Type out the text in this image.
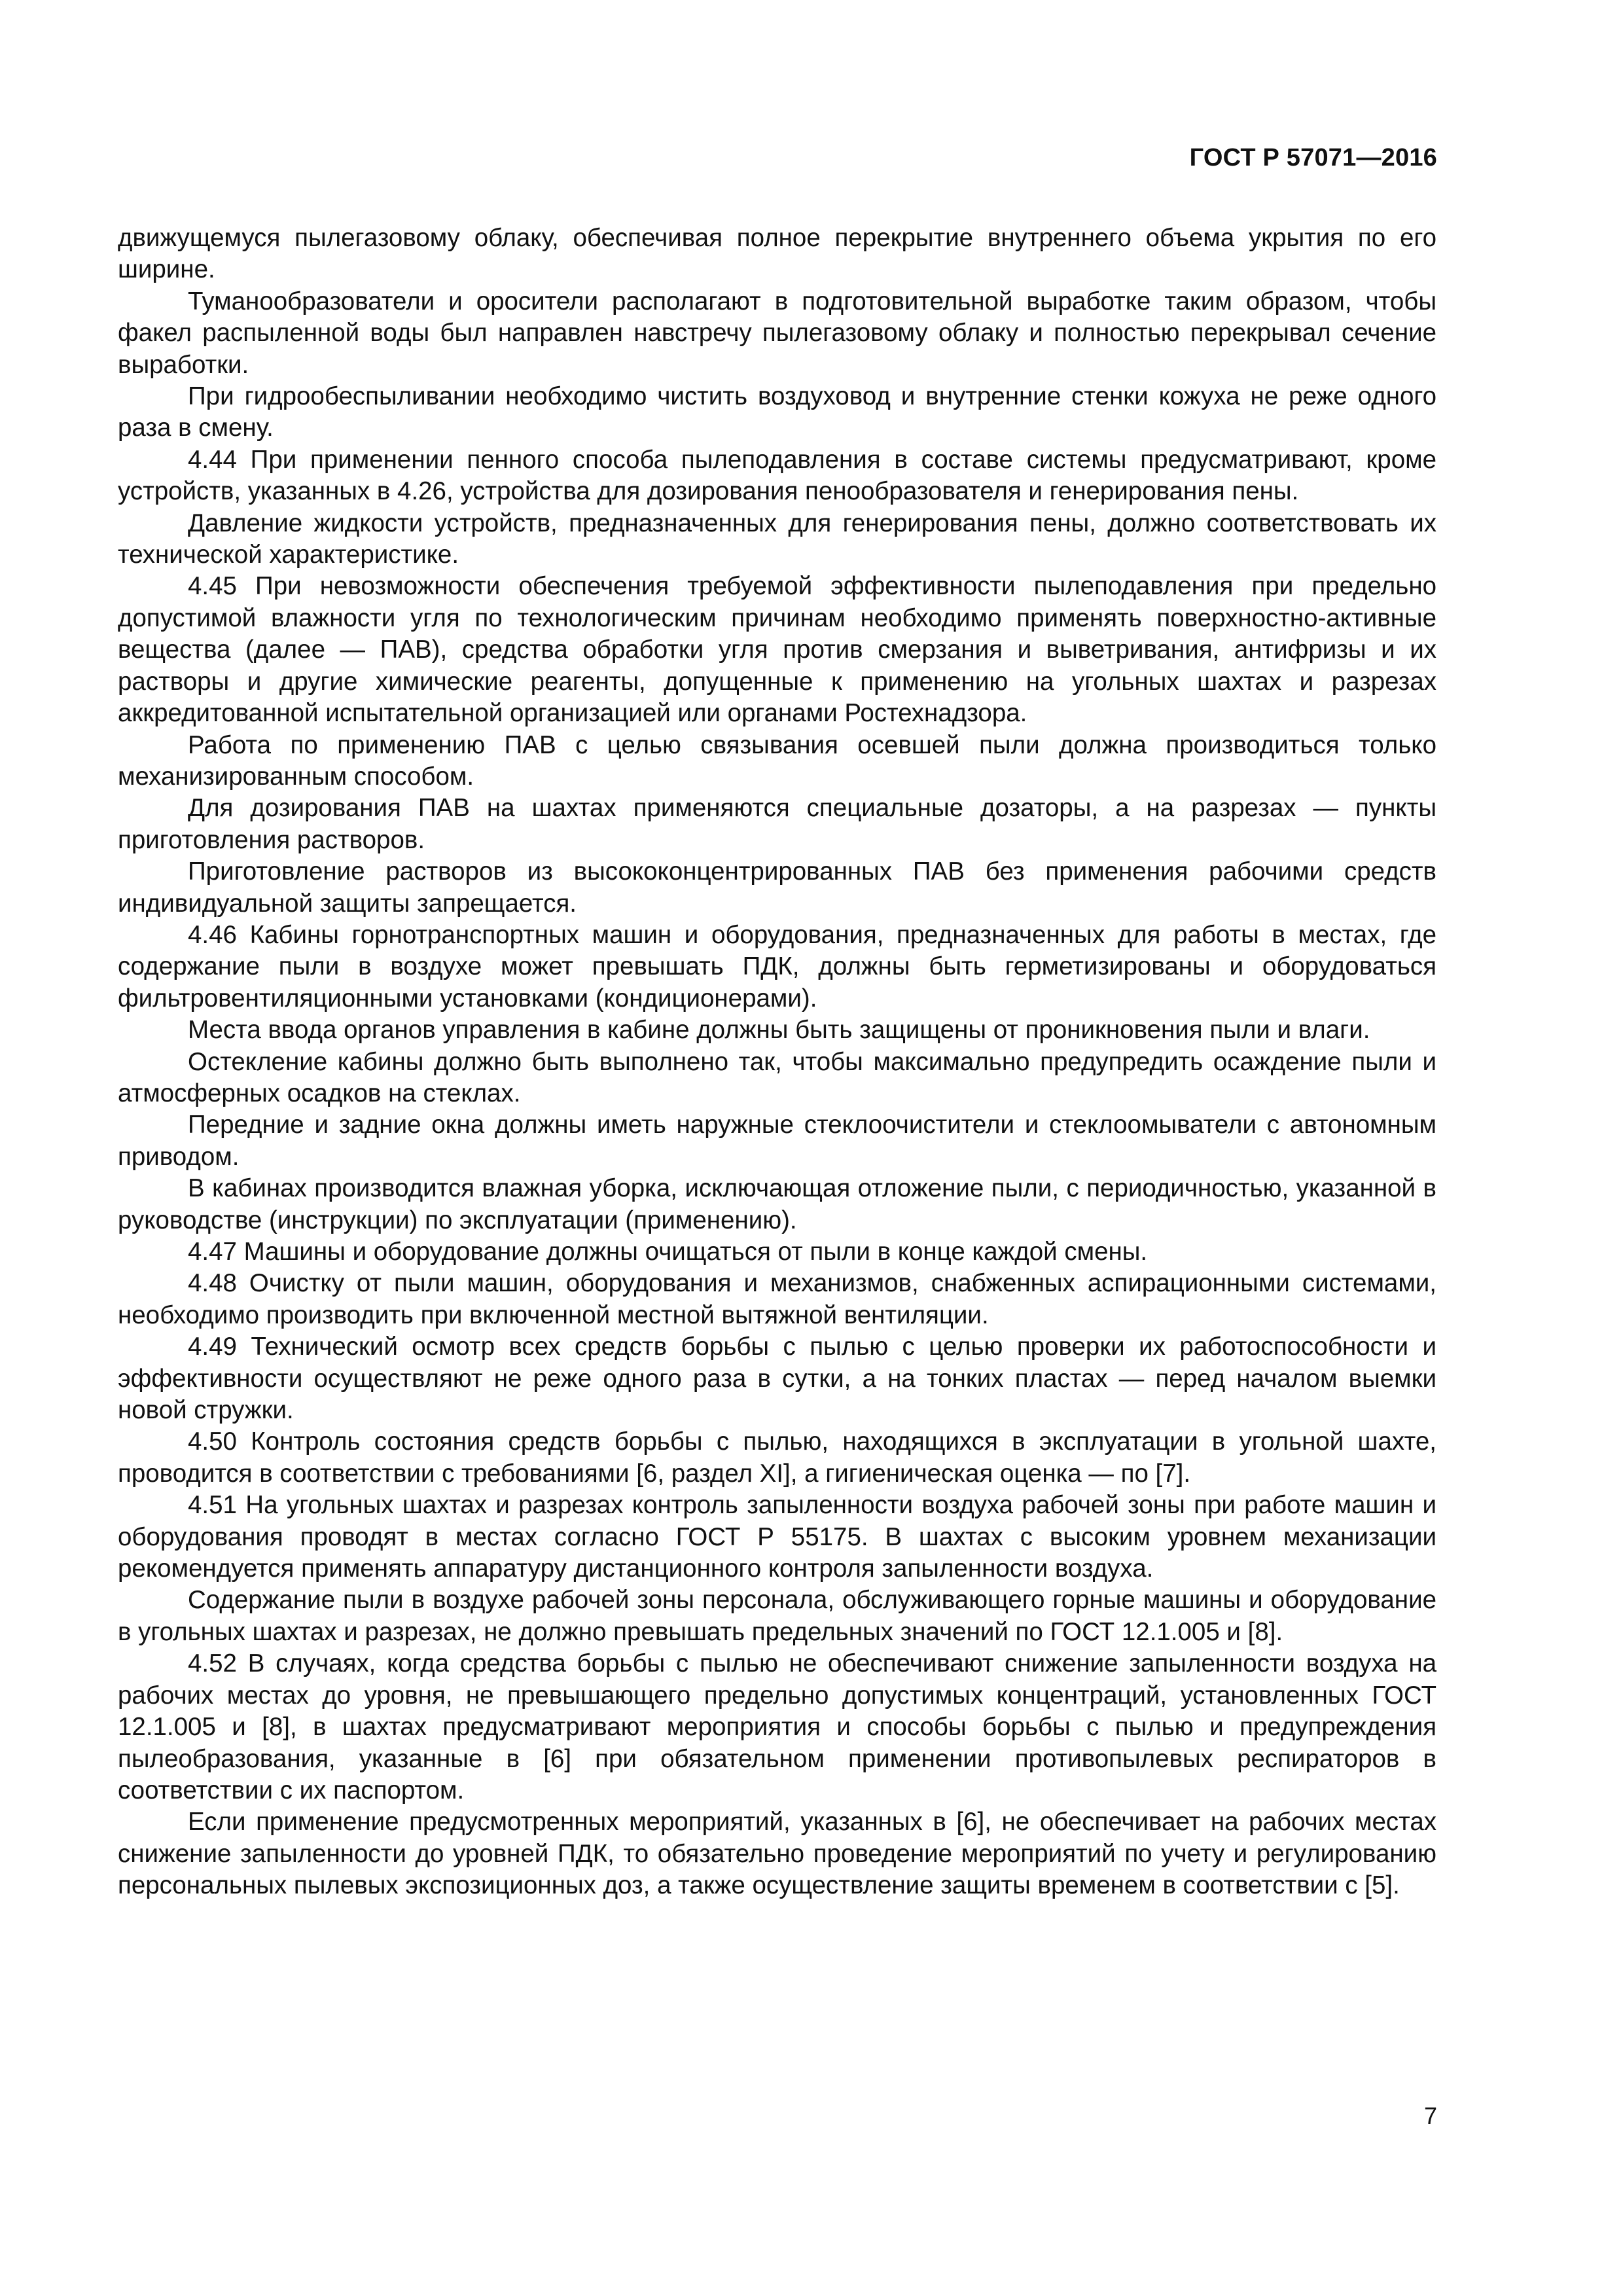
ГОСТ Р 57071—2016

движущемуся пылегазовому облаку, обеспечивая полное перекрытие внутреннего объема укрытия по его ширине.

Туманообразователи и оросители располагают в подготовительной выработке таким образом, чтобы факел распыленной воды был направлен навстречу пылегазовому облаку и полностью перекрывал сечение выработки.

При гидрообеспыливании необходимо чистить воздуховод и внутренние стенки кожуха не реже одного раза в смену.

4.44 При применении пенного способа пылеподавления в составе системы предусматривают, кроме устройств, указанных в 4.26, устройства для дозирования пенообразователя и генерирования пены.

Давление жидкости устройств, предназначенных для генерирования пены, должно соответствовать их технической характеристике.

4.45 При невозможности обеспечения требуемой эффективности пылеподавления при предельно допустимой влажности угля по технологическим причинам необходимо применять поверхностно-активные вещества (далее — ПАВ), средства обработки угля против смерзания и выветривания, антифризы и их растворы и другие химические реагенты, допущенные к применению на угольных шахтах и разрезах аккредитованной испытательной организацией или органами Ростехнадзора.

Работа по применению ПАВ с целью связывания осевшей пыли должна производиться только механизированным способом.

Для дозирования ПАВ на шахтах применяются специальные дозаторы, а на разрезах — пункты приготовления растворов.

Приготовление растворов из высококонцентрированных ПАВ без применения рабочими средств индивидуальной защиты запрещается.

4.46 Кабины горнотранспортных машин и оборудования, предназначенных для работы в местах, где содержание пыли в воздухе может превышать ПДК, должны быть герметизированы и оборудоваться фильтровентиляционными установками (кондиционерами).

Места ввода органов управления в кабине должны быть защищены от проникновения пыли и влаги.

Остекление кабины должно быть выполнено так, чтобы максимально предупредить осаждение пыли и атмосферных осадков на стеклах.

Передние и задние окна должны иметь наружные стеклоочистители и стеклоомыватели с автономным приводом.

В кабинах производится влажная уборка, исключающая отложение пыли, с периодичностью, указанной в руководстве (инструкции) по эксплуатации (применению).

4.47 Машины и оборудование должны очищаться от пыли в конце каждой смены.

4.48 Очистку от пыли машин, оборудования и механизмов, снабженных аспирационными системами, необходимо производить при включенной местной вытяжной вентиляции.

4.49 Технический осмотр всех средств борьбы с пылью с целью проверки их работоспособности и эффективности осуществляют не реже одного раза в сутки, а на тонких пластах — перед началом выемки новой стружки.

4.50 Контроль состояния средств борьбы с пылью, находящихся в эксплуатации в угольной шахте, проводится в соответствии с требованиями [6, раздел XI], а гигиеническая оценка — по [7].

4.51 На угольных шахтах и разрезах контроль запыленности воздуха рабочей зоны при работе машин и оборудования проводят в местах согласно ГОСТ Р 55175. В шахтах с высоким уровнем механизации рекомендуется применять аппаратуру дистанционного контроля запыленности воздуха.

Содержание пыли в воздухе рабочей зоны персонала, обслуживающего горные машины и оборудование в угольных шахтах и разрезах, не должно превышать предельных значений по ГОСТ 12.1.005 и [8].

4.52 В случаях, когда средства борьбы с пылью не обеспечивают снижение запыленности воздуха на рабочих местах до уровня, не превышающего предельно допустимых концентраций, установленных ГОСТ 12.1.005 и [8], в шахтах предусматривают мероприятия и способы борьбы с пылью и предупреждения пылеобразования, указанные в [6] при обязательном применении противопылевых респираторов в соответствии с их паспортом.

Если применение предусмотренных мероприятий, указанных в [6], не обеспечивает на рабочих местах снижение запыленности до уровней ПДК, то обязательно проведение мероприятий по учету и регулированию персональных пылевых экспозиционных доз, а также осуществление защиты временем в соответствии с [5].

7
